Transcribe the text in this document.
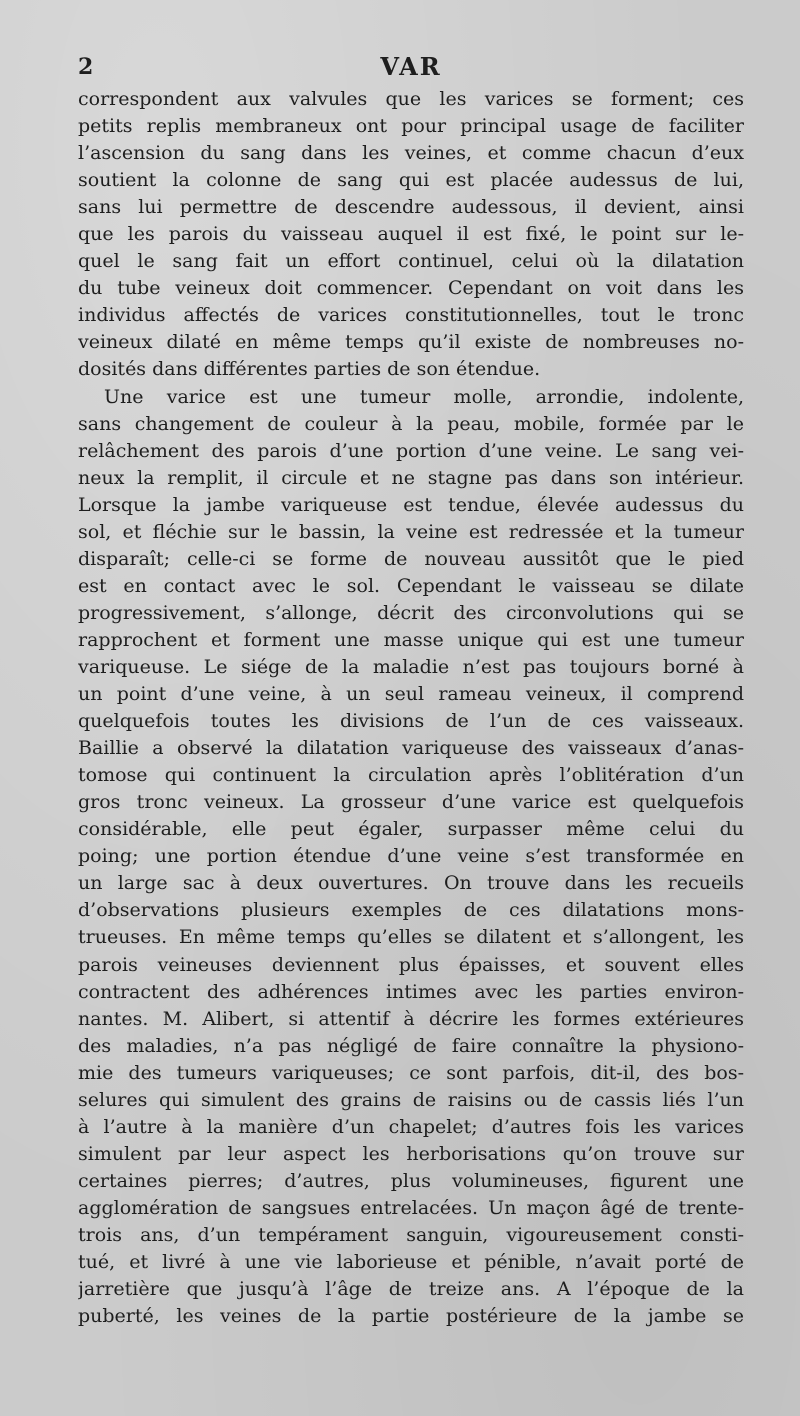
2	VAR
correspondent aux valvules que les varices se forment; ces
petits replis membraneux ont pour principal usage de faciliter
l’ascension du sang dans les veines, et comme chacun d’eux
soutient la colonne de sang qui est placée audessus de lui,
sans lui permettre de descendre audessous, il devient, ainsi
que les parois du vaisseau auquel il est fixé, le point sur le-
quel le sang fait un effort continuel, celui où la dilatation
du tube veineux doit commencer. Cependant on voit dans les
individus affectés de varices constitutionnelles, tout le tronc
veineux dilaté en même temps qu’il existe de nombreuses no-
dosités dans différentes parties de son étendue.
Une varice est une tumeur molle, arrondie, indolente,
sans changement de couleur à la peau, mobile, formée par le
relâchement des parois d’une portion d’une veine. Le sang vei-
neux la remplit, il circule et ne stagne pas dans son intérieur.
Lorsque la jambe variqueuse est tendue, élevée audessus du
sol, et fléchie sur le bassin, la veine est redressée et la tumeur
disparaît; celle-ci se forme de nouveau aussitôt que le pied
est en contact avec le sol. Cependant le vaisseau se dilate
progressivement, s’allonge, décrit des circonvolutions qui se
rapprochent et forment une masse unique qui est une tumeur
variqueuse. Le siége de la maladie n’est pas toujours borné à
un point d’une veine, à un seul rameau veineux, il comprend
quelquefois toutes les divisions de l’un de ces vaisseaux.
Baillie a observé la dilatation variqueuse des vaisseaux d’anas-
tomose qui continuent la circulation après l’oblitération d’un
gros tronc veineux. La grosseur d’une varice est quelquefois
considérable, elle peut égaler, surpasser même celui du
poing; une portion étendue d’une veine s’est transformée en
un large sac à deux ouvertures. On trouve dans les recueils
d’observations plusieurs exemples de ces dilatations mons-
trueuses. En même temps qu’elles se dilatent et s’allongent, les
parois veineuses deviennent plus épaisses, et souvent elles
contractent des adhérences intimes avec les parties environ-
nantes. M. Alibert, si attentif à décrire les formes extérieures
des maladies, n’a pas négligé de faire connaître la physiono-
mie des tumeurs variqueuses; ce sont parfois, dit-il, des bos-
selures qui simulent des grains de raisins ou de cassis liés l’un
à l’autre à la manière d’un chapelet; d’autres fois les varices
simulent par leur aspect les herborisations qu’on trouve sur
certaines pierres; d’autres, plus volumineuses, figurent une
agglomération de sangsues entrelacées. Un maçon âgé de trente-
trois ans, d’un tempérament sanguin, vigoureusement consti-
tué, et livré à une vie laborieuse et pénible, n’avait porté de
jarretière que jusqu’à l’âge de treize ans. A l’époque de la
puberté, les veines de la partie postérieure de la jambe se
